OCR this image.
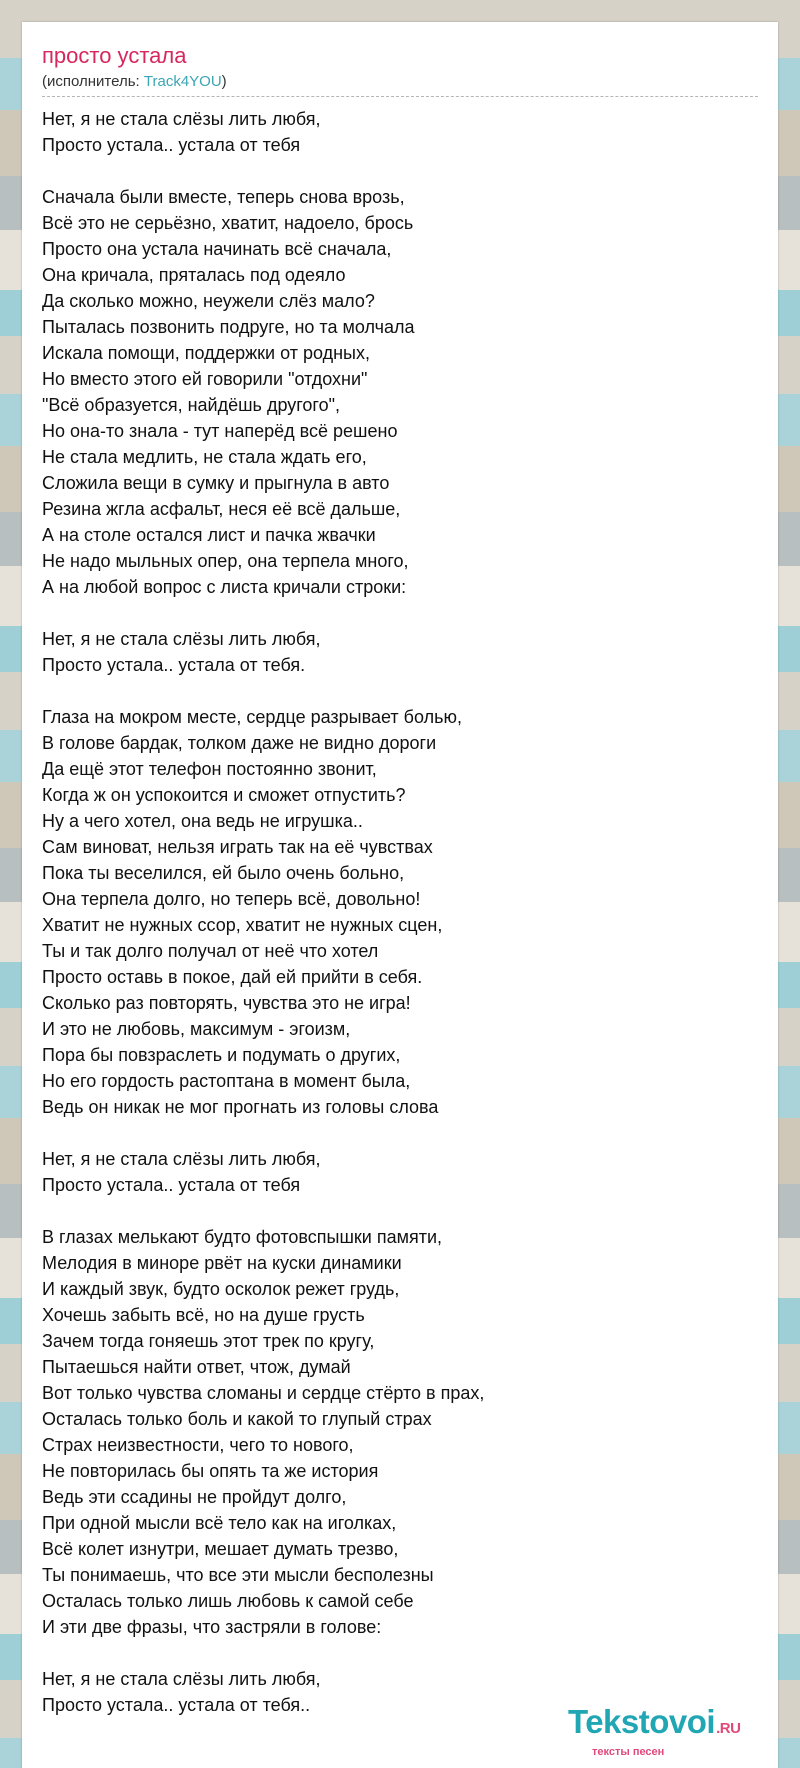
просто устала
(исполнитель: Track4YOU)
Нет, я не стала слёзы лить любя,
Просто устала.. устала от тебя
Сначала были вместе, теперь снова врозь,
Всё это не серьёзно, хватит, надоело, брось
Просто она устала начинать всё сначала,
Она кричала, пряталась под одеяло
Да сколько можно, неужели слёз мало?
Пыталась позвонить подруге, но та молчала
Искала помощи, поддержки от родных,
Но вместо этого ей говорили "отдохни"
"Всё образуется, найдёшь другого",
Но она-то знала - тут наперёд всё решено
Не стала медлить, не стала ждать его,
Сложила вещи в сумку и прыгнула в авто
Резина жгла асфальт, неся её всё дальше,
А на столе остался лист и пачка жвачки
Не надо мыльных опер, она терпела много,
А на любой вопрос с листа кричали строки:
Нет, я не стала слёзы лить любя,
Просто устала.. устала от тебя.
Глаза на мокром месте, сердце разрывает болью,
В голове бардак, толком даже не видно дороги
Да ещё этот телефон постоянно звонит,
Когда ж он успокоится и сможет отпустить?
Ну а чего хотел, она ведь не игрушка..
Сам виноват, нельзя играть так на её чувствах
Пока ты веселился, ей было очень больно,
Она терпела долго, но теперь всё, довольно!
Хватит не нужных ссор, хватит не нужных сцен,
Ты и так долго получал от неё что хотел
Просто оставь в покое, дай ей прийти в себя.
Сколько раз повторять, чувства это не игра!
И это не любовь, максимум - эгоизм,
Пора бы повзраслеть и подумать о других,
Но его гордость растоптана в момент была,
Ведь он никак не мог прогнать из головы слова
Нет, я не стала слёзы лить любя,
Просто устала.. устала от тебя
В глазах мелькают будто фотовспышки памяти,
Мелодия в миноре рвёт на куски динамики
И каждый звук, будто осколок режет грудь,
Хочешь забыть всё, но на душе грусть
Зачем тогда гоняешь этот трек по кругу,
Пытаешься найти ответ, чтож, думай
Вот только чувства сломаны и сердце стёрто в прах,
Осталась только боль и какой то глупый страх
Страх неизвестности, чего то нового,
Не повторилась бы опять та же история
Ведь эти ссадины не пройдут долго,
При одной мысли всё тело как на иголках,
Всё колет изнутри, мешает думать трезво,
Ты понимаешь, что все эти мысли бесполезны
Осталась только лишь любовь к самой себе
И эти две фразы, что застряли в голове:
Нет, я не стала слёзы лить любя,
Просто устала.. устала от тебя..	Tekstovoi.RU
тексты песен
